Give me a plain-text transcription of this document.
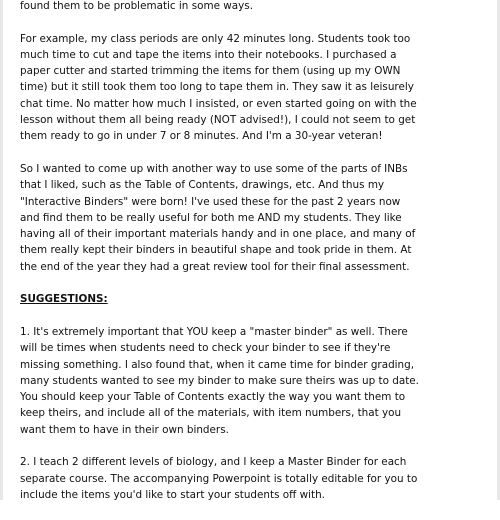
found them to be problematic in some ways.

For example, my class periods are only 42 minutes long. Students took too
much time to cut and tape the items into their notebooks. I purchased a
paper cutter and started trimming the items for them (using up my OWN
time) but it still took them too long to tape them in. They saw it as leisurely
chat time. No matter how much I insisted, or even started going on with the
lesson without them all being ready (NOT advised!), I could not seem to get
them ready to go in under 7 or 8 minutes. And I'm a 30-year veteran!

So I wanted to come up with another way to use some of the parts of INBs
that I liked, such as the Table of Contents, drawings, etc. And thus my
"Interactive Binders" were born! I've used these for the past 2 years now
and find them to be really useful for both me AND my students. They like
having all of their important materials handy and in one place, and many of
them really kept their binders in beautiful shape and took pride in them. At
the end of the year they had a great review tool for their final assessment.

SUGGESTIONS:

1. It's extremely important that YOU keep a "master binder" as well. There
will be times when students need to check your binder to see if they're
missing something. I also found that, when it came time for binder grading,
many students wanted to see my binder to make sure theirs was up to date.
You should keep your Table of Contents exactly the way you want them to
keep theirs, and include all of the materials, with item numbers, that you
want them to have in their own binders.

2. I teach 2 different levels of biology, and I keep a Master Binder for each
separate course. The accompanying Powerpoint is totally editable for you to
include the items you'd like to start your students off with.
